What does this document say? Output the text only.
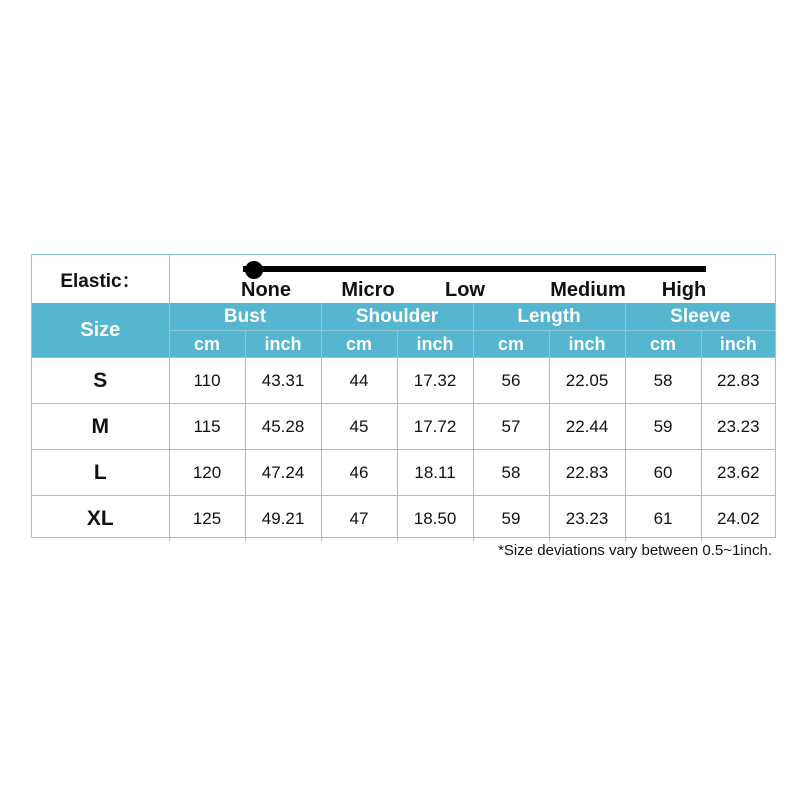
Elastic：	None	Micro	Low	Medium High
Size	Bust		Shoulder		Length		Sleeve	
	cm	inch	cm	inch	cm	inch	cm	inch
S	110	43.31	44	17.32	56	22.05	58	22.83
M	115	45.28	45	17.72	57	22.44	59	23.23
L	120	47.24	46	18.11	58	22.83	60	23.62
XL	125	49.21	47	18.50	59	23.23	61	24.02
*Size deviations vary between 0.5~1inch.
